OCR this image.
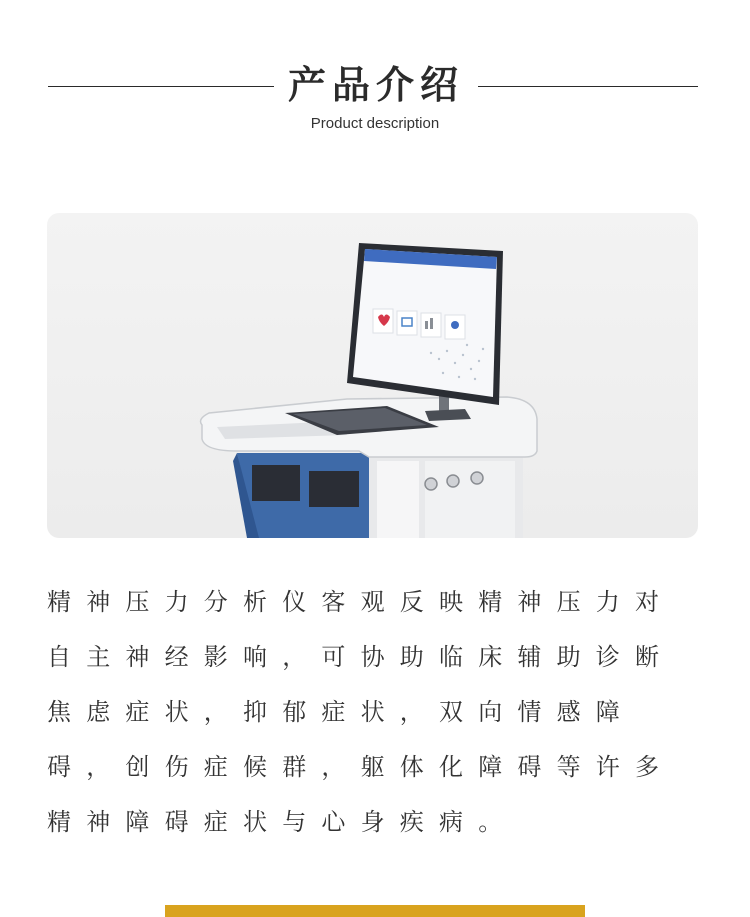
产品介绍
Product description
精神压力分析仪客观反映精神压力对自主神经影响，可协助临床辅助诊断焦虑症状，抑郁症状，双向情感障碍，创伤症候群，躯体化障碍等许多精神障碍症状与心身疾病。
